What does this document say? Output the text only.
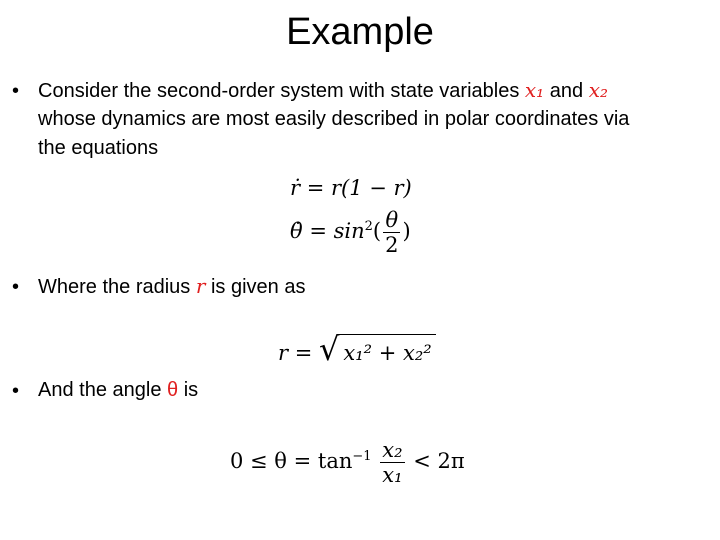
Example
• Consider the second-order system with state variables x₁ and x₂
whose dynamics are most easily described in polar coordinates via
the equations
ṙ = r(1 − r)
θ̇ = $\sin^2( \frac{\theta}{2}$ )
• Where the radius r is given as
r = √ x₁² + x₂²
• And the angle θ is
$0 \le \theta = \tan^{-1} \frac{\text{x₂}}{\text{x₁}} < 2\pi$
